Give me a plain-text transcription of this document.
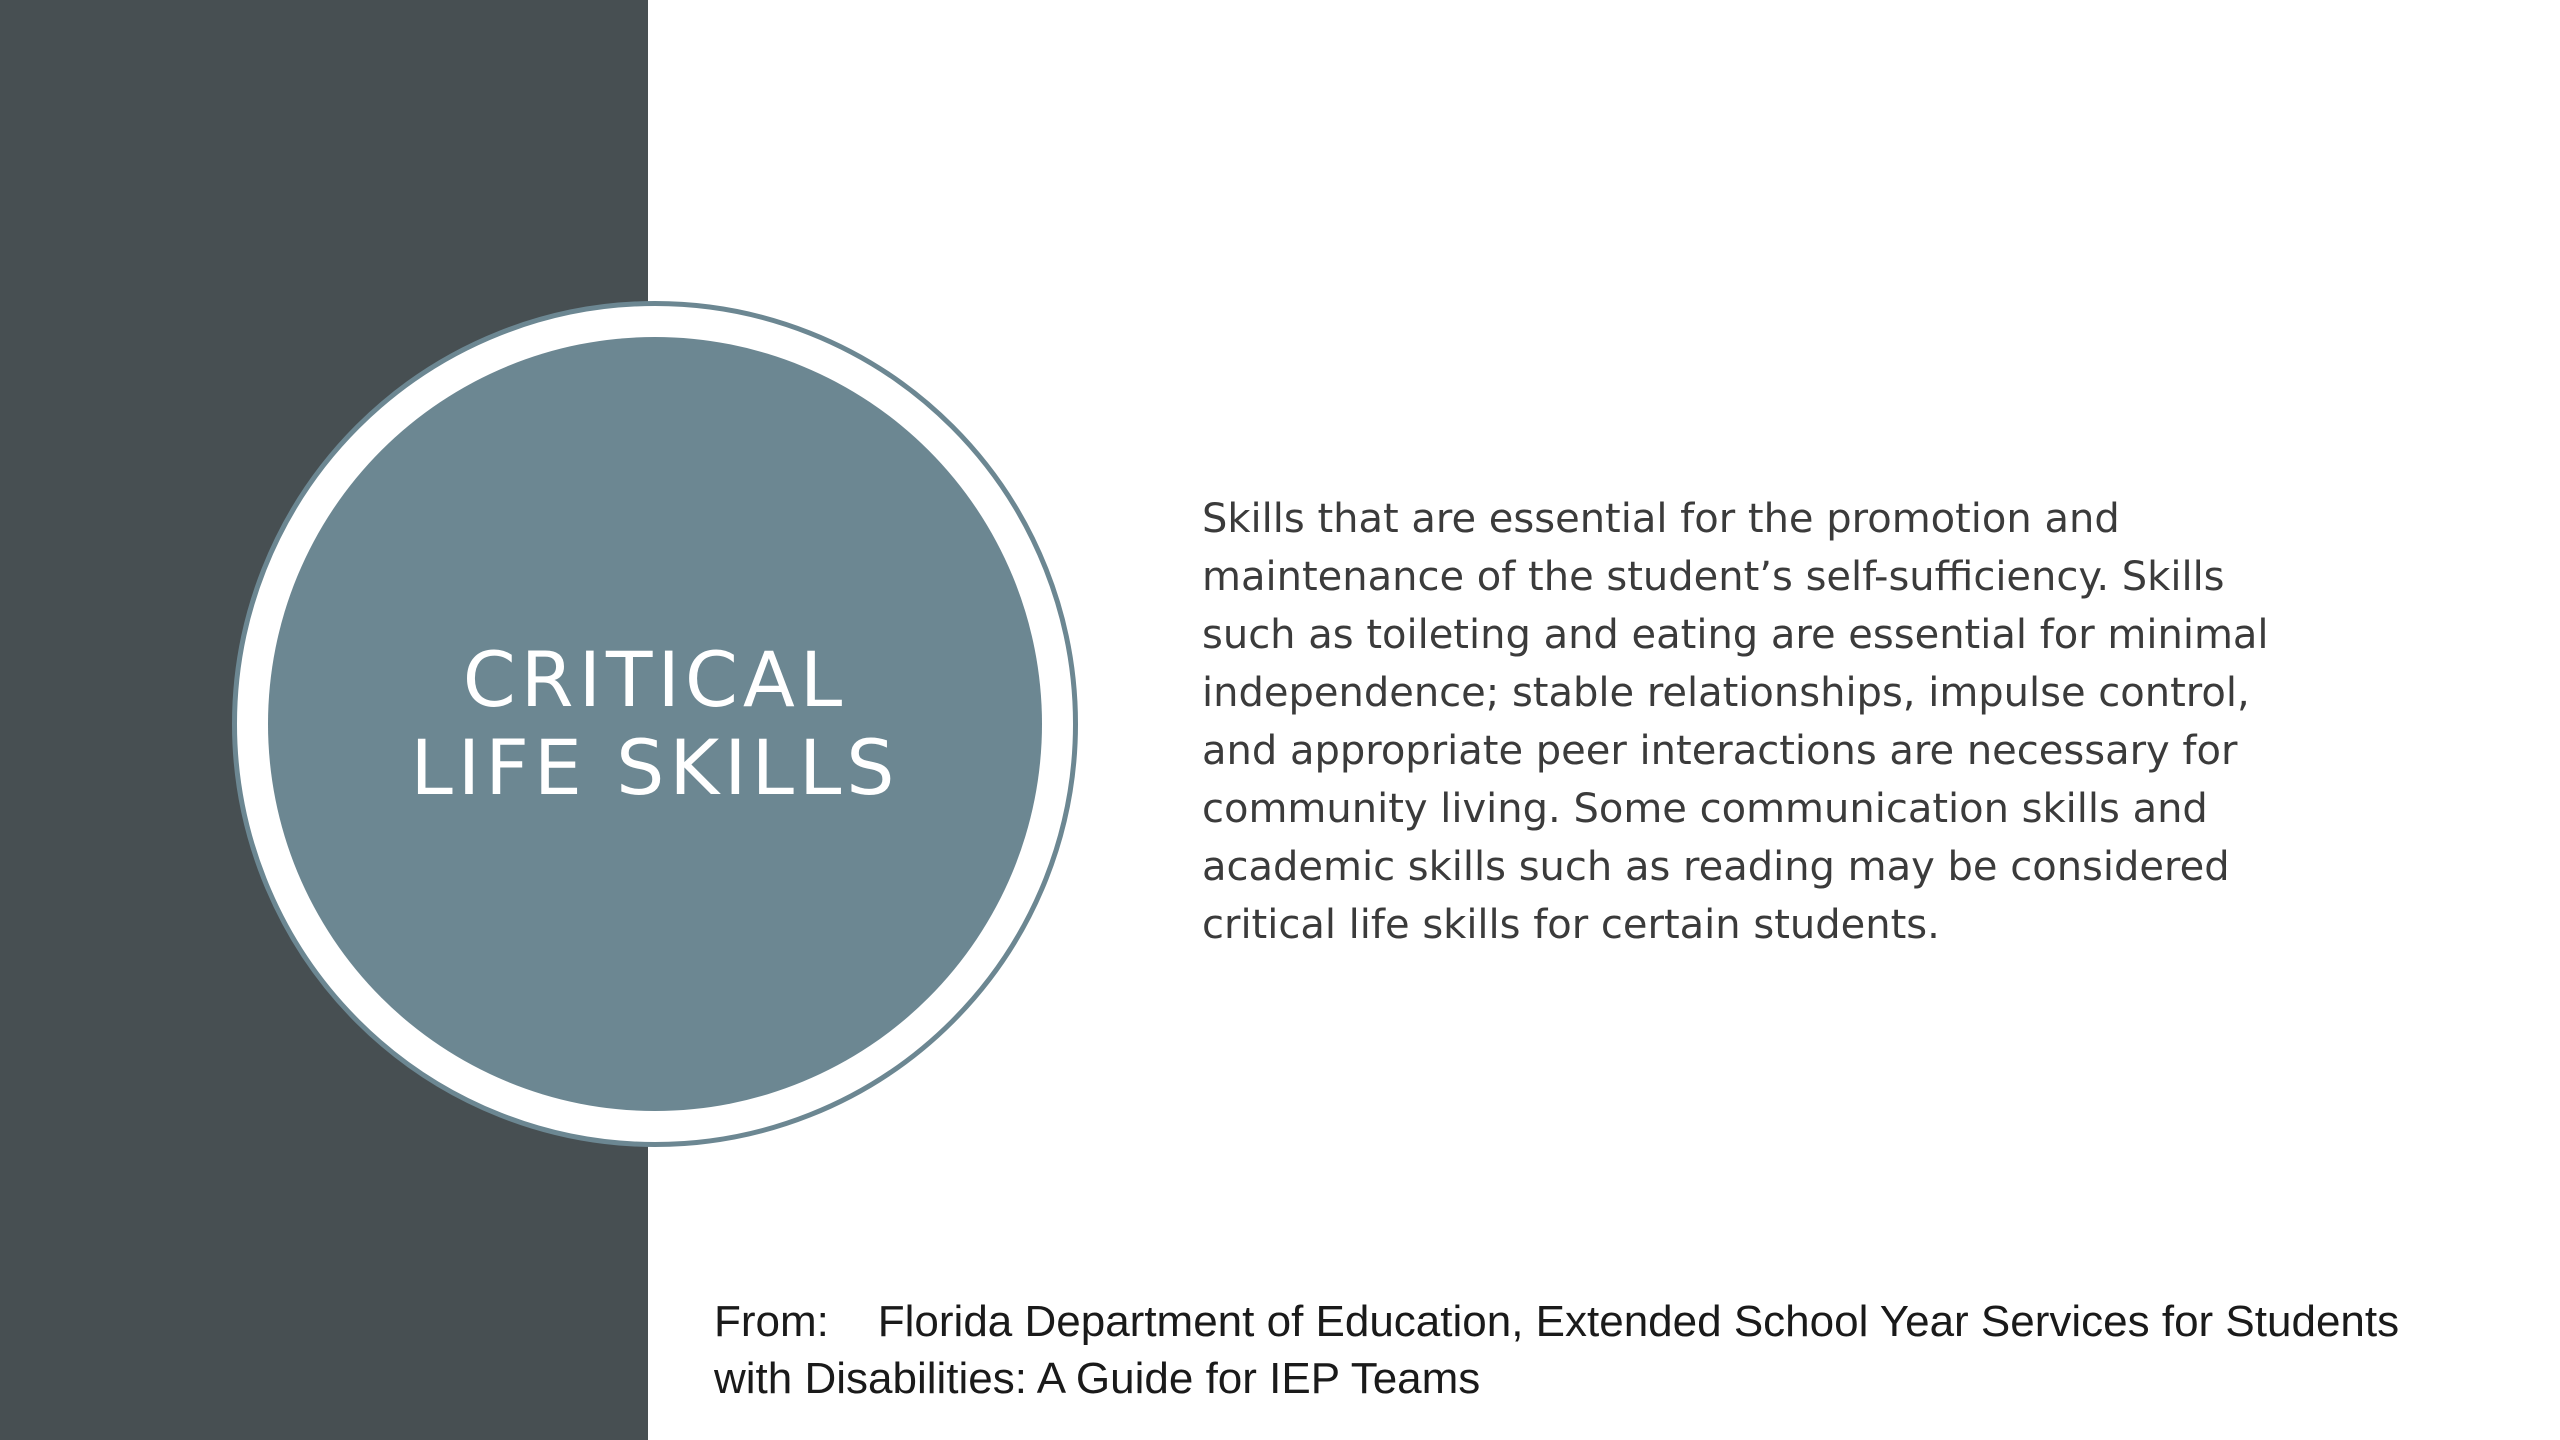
CRITICAL
LIFE SKILLS

Skills that are essential for the promotion and
maintenance of the student’s self-sufficiency. Skills
such as toileting and eating are essential for minimal
independence; stable relationships, impulse control,
and appropriate peer interactions are necessary for
community living. Some communication skills and
academic skills such as reading may be considered
critical life skills for certain students.

From:    Florida Department of Education, Extended School Year Services for Students
with Disabilities: A Guide for IEP Teams
